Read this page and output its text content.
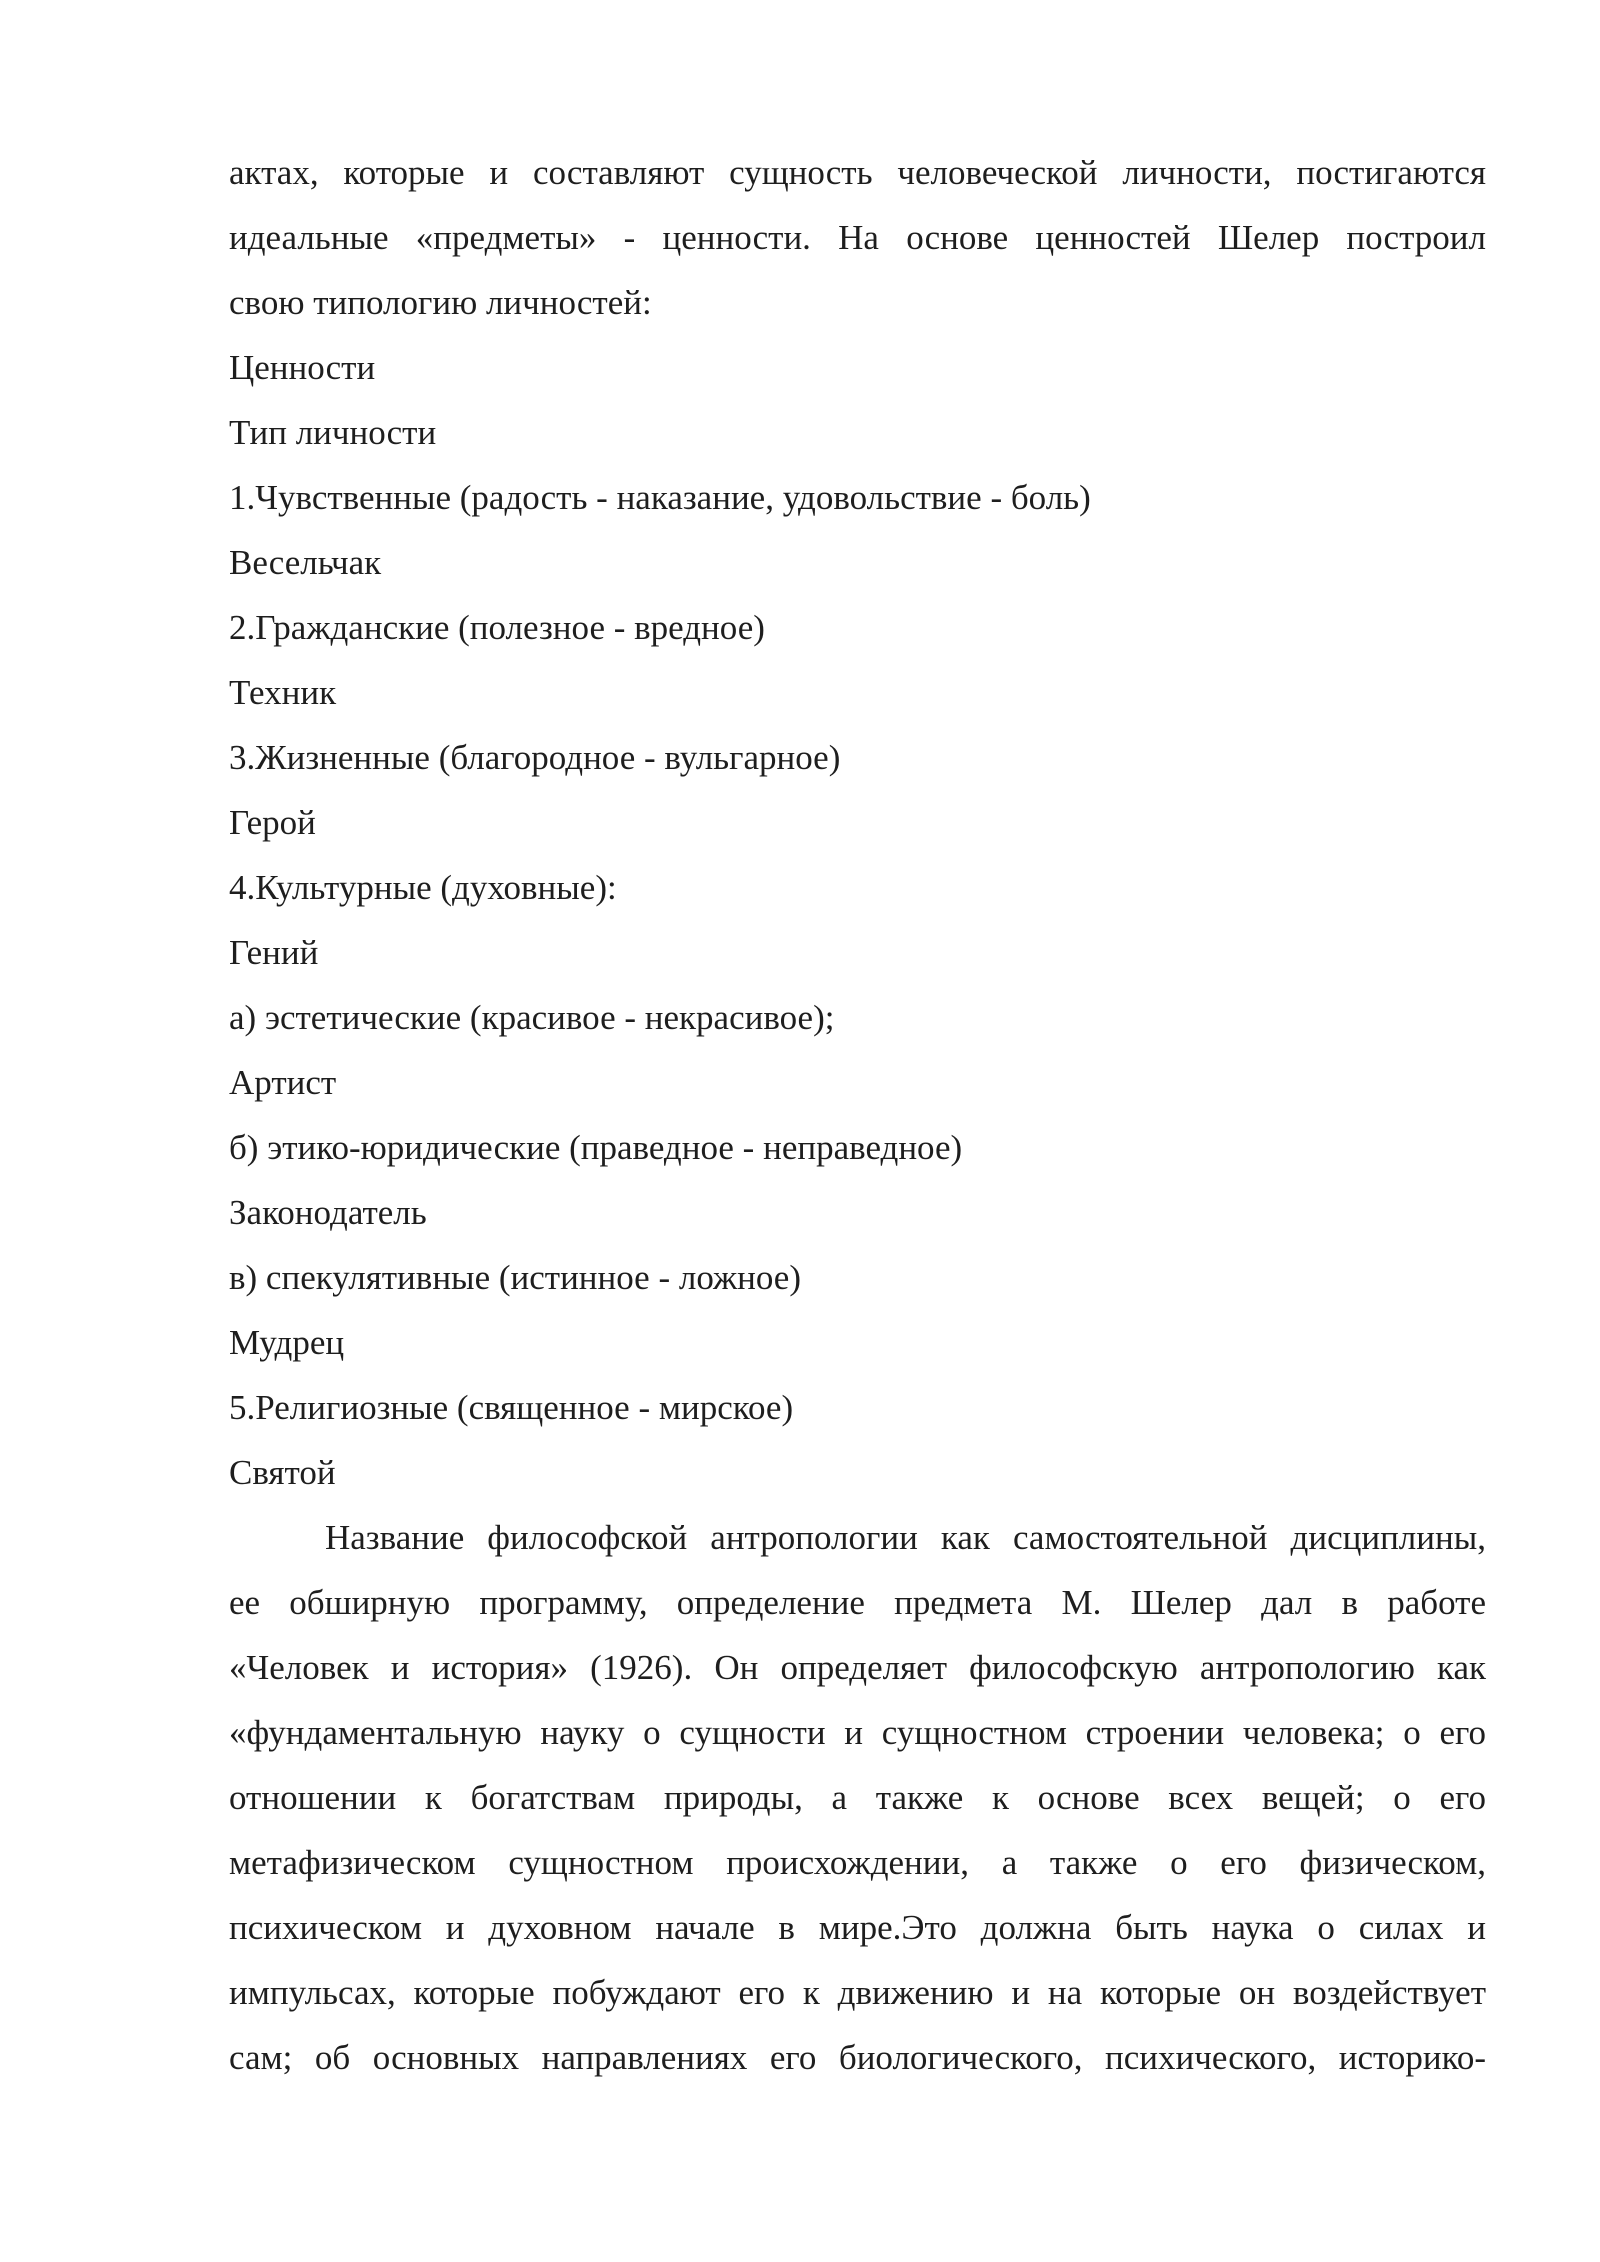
актах, которые и составляют сущность человеческой личности, постигаются
идеальные «предметы» - ценности. На основе ценностей Шелер построил
свою типологию личностей:
Ценности
Тип личности
1.Чувственные (радость - наказание, удовольствие - боль)
Весельчак
2.Гражданские (полезное - вредное)
Техник
3.Жизненные (благородное - вульгарное)
Герой
4.Культурные (духовные):
Гений
а) эстетические (красивое - некрасивое);
Артист
б) этико-юридические (праведное - неправедное)
Законодатель
в) спекулятивные (истинное - ложное)
Мудрец
5.Религиозные (священное - мирское)
Святой
Название философской антропологии как самостоятельной дисциплины,
ее обширную программу, определение предмета М. Шелер дал в работе
«Человек и история» (1926). Он определяет философскую антропологию как
«фундаментальную науку о сущности и сущностном строении человека; о его
отношении к богатствам природы, а также к основе всех вещей; о его
метафизическом сущностном происхождении, а также о его физическом,
психическом и духовном начале в мире.Это должна быть наука о силах и
импульсах, которые побуждают его к движению и на которые он воздействует
сам; об основных направлениях его биологического, психического, историко-
